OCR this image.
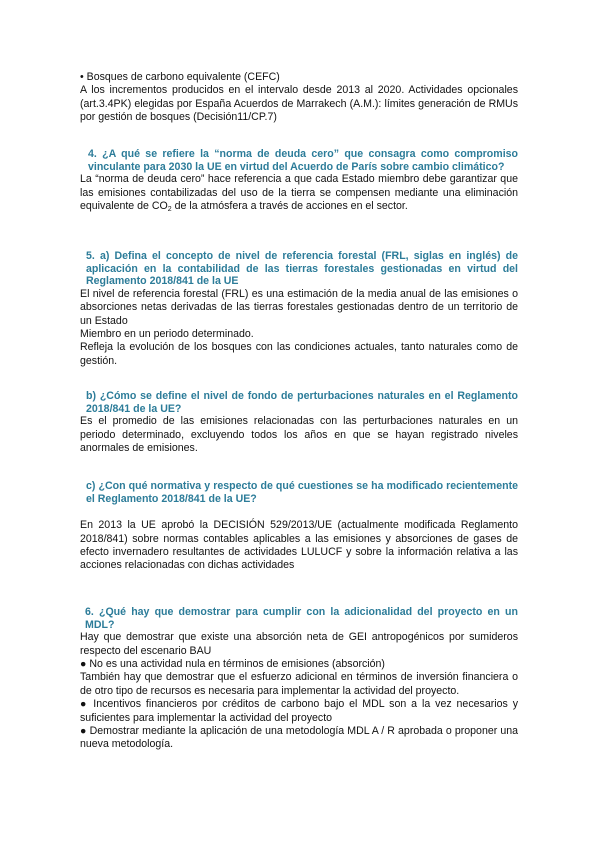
• Bosques de carbono equivalente (CEFC)

A los incrementos producidos en el intervalo desde 2013 al 2020. Actividades opcionales (art.3.4PK) elegidas por España Acuerdos de Marrakech (A.M.): límites generación de RMUs por gestión de bosques (Decisión11/CP.7)

4. ¿A qué se refiere la “norma de deuda cero” que consagra como compromiso vinculante para 2030 la UE en virtud del Acuerdo de París sobre cambio climático?

La “norma de deuda cero” hace referencia a que cada Estado miembro debe garantizar que las emisiones contabilizadas del uso de la tierra se compensen mediante una eliminación equivalente de $CO_2$ de la atmósfera a través de acciones en el sector.

5. a) Defina el concepto de nivel de referencia forestal (FRL, siglas en inglés) de aplicación en la contabilidad de las tierras forestales gestionadas en virtud del Reglamento 2018/841 de la UE

El nivel de referencia forestal (FRL) es una estimación de la media anual de las emisiones o absorciones netas derivadas de las tierras forestales gestionadas dentro de un territorio de un Estado

Miembro en un periodo determinado.

Refleja la evolución de los bosques con las condiciones actuales, tanto naturales como de gestión.

b) ¿Cómo se define el nivel de fondo de perturbaciones naturales en el Reglamento 2018/841 de la UE?

Es el promedio de las emisiones relacionadas con las perturbaciones naturales en un periodo determinado, excluyendo todos los años en que se hayan registrado niveles anormales de emisiones.

c) ¿Con qué normativa y respecto de qué cuestiones se ha modificado recientemente el Reglamento 2018/841 de la UE?

En 2013 la UE aprobó la DECISIÓN 529/2013/UE (actualmente modificada Reglamento 2018/841) sobre normas contables aplicables a las emisiones y absorciones de gases de efecto invernadero resultantes de actividades LULUCF y sobre la información relativa a las acciones relacionadas con dichas actividades

6. ¿Qué hay que demostrar para cumplir con la adicionalidad del proyecto en un MDL?

Hay que demostrar que existe una absorción neta de GEI antropogénicos por sumideros respecto del escenario BAU

● No es una actividad nula en términos de emisiones (absorción)

También hay que demostrar que el esfuerzo adicional en términos de inversión financiera o de otro tipo de recursos es necesaria para implementar la actividad del proyecto.

● Incentivos financieros por créditos de carbono bajo el MDL son a la vez necesarios y suficientes para implementar la actividad del proyecto

● Demostrar mediante la aplicación de una metodología MDL A / R aprobada o proponer una nueva metodología.
